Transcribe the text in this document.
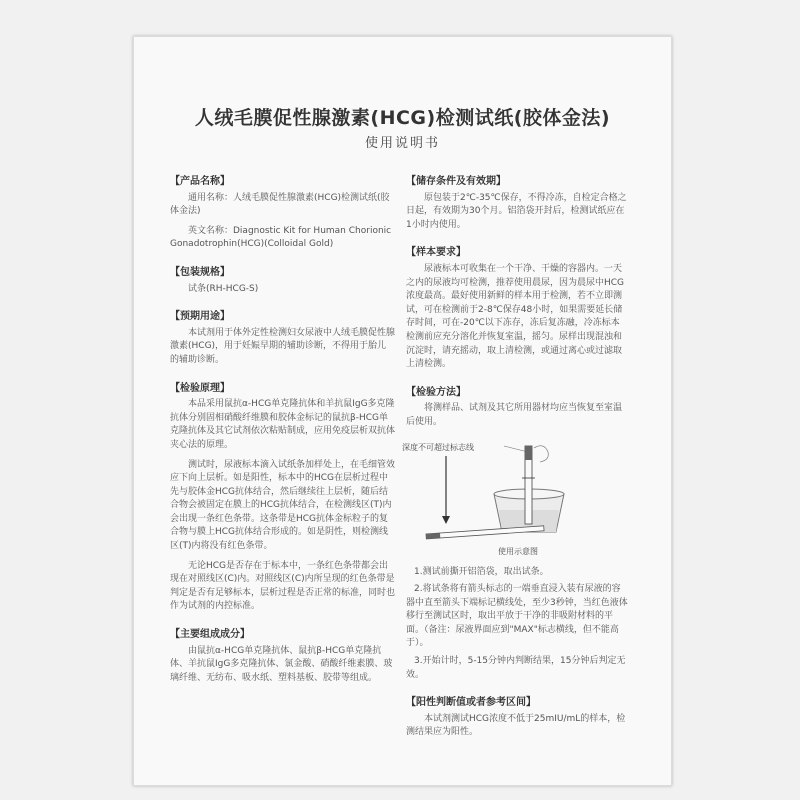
人绒毛膜促性腺激素(HCG)检测试纸(胶体金法)
使用说明书
【产品名称】

通用名称：人绒毛膜促性腺激素(HCG)检测试纸(胶体金法)

英文名称：Diagnostic Kit for Human Chorionic Gonadotrophin(HCG)(Colloidal Gold)

【包装规格】

试条(RH-HCG-S)

【预期用途】

本试剂用于体外定性检测妇女尿液中人绒毛膜促性腺激素(HCG)，用于妊娠早期的辅助诊断，不得用于胎儿的辅助诊断。

【检验原理】

本品采用鼠抗α-HCG单克隆抗体和羊抗鼠IgG多克隆抗体分别固相硝酸纤维膜和胶体金标记的鼠抗β-HCG单克隆抗体及其它试剂依次粘贴制成，应用免疫层析双抗体夹心法的原理。

测试时，尿液标本滴入试纸条加样处上，在毛细管效应下向上层析。如是阳性，标本中的HCG在层析过程中先与胶体金HCG抗体结合，然后继续往上层析，随后结合物会被固定在膜上的HCG抗体结合，在检测线区(T)内会出现一条红色条带。这条带是HCG抗体金标粒子的复合物与膜上HCG抗体结合形成的。如是阴性，则检测线区(T)内将没有红色条带。

无论HCG是否存在于标本中，一条红色条带都会出现在对照线区(C)内。对照线区(C)内所呈现的红色条带是判定是否有足够标本，层析过程是否正常的标准，同时也作为试剂的内控标准。

【主要组成成分】

由鼠抗α-HCG单克隆抗体、鼠抗β-HCG单克隆抗体、羊抗鼠IgG多克隆抗体、氯金酸、硝酸纤维素膜、玻璃纤维、无纺布、吸水纸、塑料基板、胶带等组成。

【储存条件及有效期】

原包装于2℃-35℃保存，不得冷冻，自检定合格之日起，有效期为30个月。铝箔袋开封后，检测试纸应在1小时内使用。

【样本要求】

尿液标本可收集在一个干净、干燥的容器内。一天之内的尿液均可检测，推荐使用晨尿，因为晨尿中HCG浓度最高。最好使用新鲜的样本用于检测，若不立即测试，可在检测前于2-8℃保存48小时，如果需要延长储存时间，可在-20℃以下冻存，冻后复冻融，冷冻标本检测前应充分溶化并恢复室温，摇匀。尿样出现混浊和沉淀时，请充摇动，取上清检测，或通过离心或过滤取上清检测。

【检验方法】

将测样品、试剂及其它所用器材均应当恢复至室温后使用。

深度不可超过标志线
使用示意图

1.测试前撕开铝箔袋，取出试条。

2.将试条将有箭头标志的一端垂直浸入装有尿液的容器中直至箭头下端标记横线处，至少3秒钟，当红色液体移行至测试区时，取出平放于干净的非吸附材料的平面。（备注：尿液界面应到"MAX"标志横线，但不能高于）。

3.开始计时，5-15分钟内判断结果，15分钟后判定无效。

【阳性判断值或者参考区间】

本试剂测试HCG浓度不低于25mIU/mL的样本，检测结果应为阳性。
